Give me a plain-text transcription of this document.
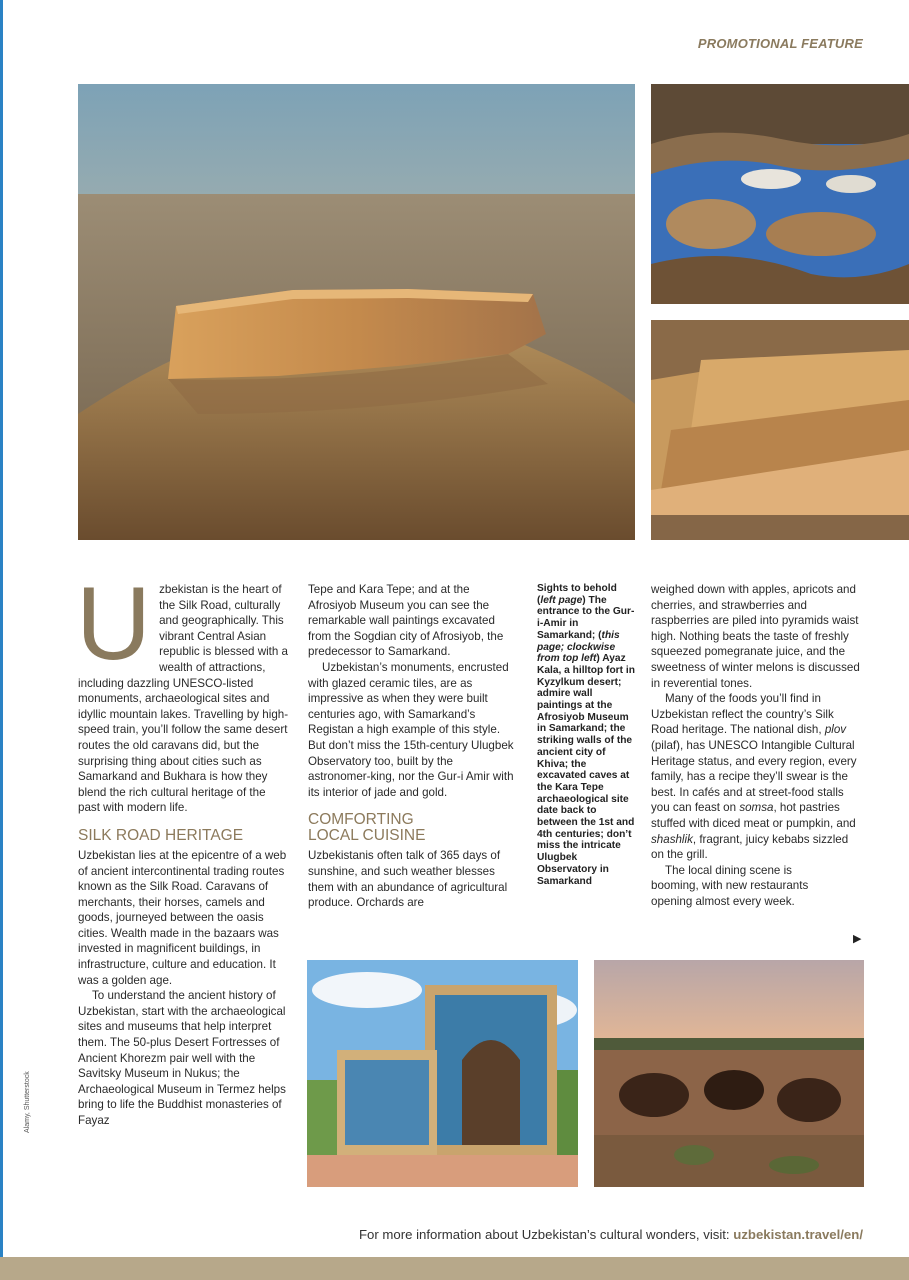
PROMOTIONAL FEATURE

Uzbekistan is the heart of the Silk Road, culturally and geographically. This vibrant Central Asian republic is blessed with a wealth of attractions, including dazzling UNESCO-listed monuments, archaeological sites and idyllic mountain lakes. Travelling by high-speed train, you’ll follow the same desert routes the old caravans did, but the surprising thing about cities such as Samarkand and Bukhara is how they blend the rich cultural heritage of the past with modern life.

SILK ROAD HERITAGE

Uzbekistan lies at the epicentre of a web of ancient intercontinental trading routes known as the Silk Road. Caravans of merchants, their horses, camels and goods, journeyed between the oasis cities. Wealth made in the bazaars was invested in magnificent buildings, in infrastructure, culture and education. It was a golden age.

To understand the ancient history of Uzbekistan, start with the archaeological sites and museums that help interpret them. The 50-plus Desert Fortresses of Ancient Khorezm pair well with the Savitsky Museum in Nukus; the Archaeological Museum in Termez helps bring to life the Buddhist monasteries of Fayaz

Tepe and Kara Tepe; and at the Afrosiyob Museum you can see the remarkable wall paintings excavated from the Sogdian city of Afrosiyob, the predecessor to Samarkand.

Uzbekistan’s monuments, encrusted with glazed ceramic tiles, are as impressive as when they were built centuries ago, with Samarkand’s Registan a high example of this style. But don’t miss the 15th-century Ulugbek Observatory too, built by the astronomer-king, nor the Gur-i Amir with its interior of jade and gold.

COMFORTING
LOCAL CUISINE

Uzbekistanis often talk of 365 days of sunshine, and such weather blesses them with an abundance of agricultural produce. Orchards are

Sights to behold
(left page) The entrance to the Gur-i-Amir in Samarkand; (this page; clockwise from top left) Ayaz Kala, a hilltop fort in Kyzylkum desert; admire wall paintings at the Afrosiyob Museum in Samarkand; the striking walls of the ancient city of Khiva; the excavated caves at the Kara Tepe archaeological site date back to between the 1st and 4th centuries; don’t miss the intricate Ulugbek Observatory in Samarkand

weighed down with apples, apricots and cherries, and strawberries and raspberries are piled into pyramids waist high. Nothing beats the taste of freshly squeezed pomegranate juice, and the sweetness of winter melons is discussed in reverential tones.

Many of the foods you’ll find in Uzbekistan reflect the country’s Silk Road heritage. The national dish, plov (pilaf), has UNESCO Intangible Cultural Heritage status, and every region, every family, has a recipe they’ll swear is the best. In cafés and at street-food stalls you can feast on somsa, hot pastries stuffed with diced meat or pumpkin, and shashlik, fragrant, juicy kebabs sizzled on the grill.

The local dining scene is booming, with new restaurants opening almost every week.

▶
Alamy, Shutterstock
For more information about Uzbekistan’s cultural wonders, visit: uzbekistan.travel/en/
